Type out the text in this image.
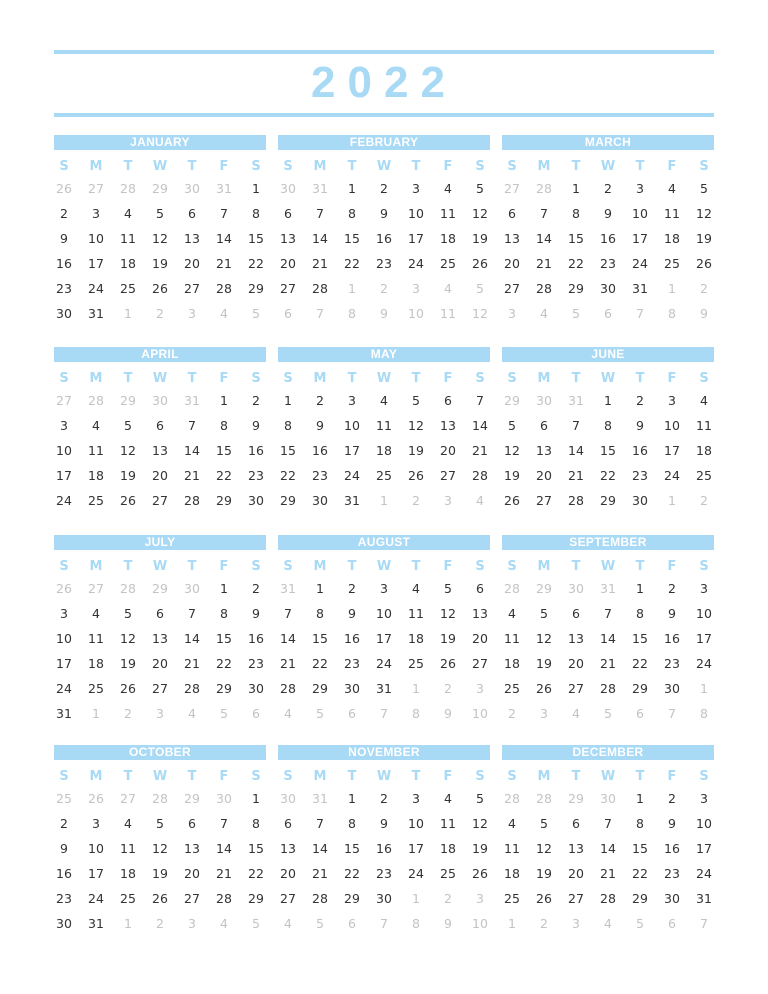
2022
JANUARY
S	M	T	W	T	F	S
26 27 28 29 30 31	1
2	3	4	5	6	7	8
9	10 11 12 13 14 15
16 17 18 19 20 21 22
23 24 25 26 27 28 29
30 31	1	2	3	4	5
FEBRUARY
S	M	T	W	T	F	S
30 31	1	2	3	4	5
6	7	8	9	10 11 12
13 14 15 16 17 18 19
20 21 22 23 24 25 26
27 28	1	2	3	4	5
6	7	8	9	10 11 12
MARCH
S	M	T	W	T	F	S
27 28	1	2	3	4	5
6	7	8	9	10 11 12
13 14 15 16 17 18 19
20 21 22 23 24 25 26
27 28 29 30 31	1	2
3	4	5	6	7	8	9
APRIL
S	M	T	W	T	F	S
27 28 29 30 31	1	2
3	4	5	6	7	8	9
10 11 12 13 14 15 16
17 18 19 20 21 22 23
24 25 26 27 28 29 30
MAY
S	M	T	W	T	F	S
1	2	3	4	5	6	7
8	9	10 11 12 13 14
15 16 17 18 19 20 21
22 23 24 25 26 27 28
29 30 31	1	2	3	4
JUNE
S	M	T	W	T	F	S
29 30 31	1	2	3	4
5	6	7	8	9	10 11
12 13 14 15 16 17 18
19 20 21 22 23 24 25
26 27 28 29 30	1	2
JULY
S	M	T	W	T	F	S
26 27 28 29 30	1	2
3	4	5	6	7	8	9
10 11 12 13 14 15 16
17 18 19 20 21 22 23
24 25 26 27 28 29 30
31	1	2	3	4	5	6
AUGUST
S	M	T	W	T	F	S
31	1	2	3	4	5	6
7	8	9	10 11 12 13
14 15 16 17 18 19 20
21 22 23 24 25 26 27
28 29 30 31	1	2	3
4	5	6	7	8	9	10
SEPTEMBER
S	M	T	W	T	F	S
28 29 30 31	1	2	3
4	5	6	7	8	9	10
11 12 13 14 15 16 17
18 19 20 21 22 23 24
25 26 27 28 29 30	1
2	3	4	5	6	7	8
OCTOBER
S	M	T	W	T	F	S
25 26 27 28 29 30	1
2	3	4	5	6	7	8
9	10 11 12 13 14 15
16 17 18 19 20 21 22
23 24 25 26 27 28 29
30 31	1	2	3	4	5
NOVEMBER
S	M	T	W	T	F	S
30 31	1	2	3	4	5
6	7	8	9	10 11 12
13 14 15 16 17 18 19
20 21 22 23 24 25 26
27 28 29 30	1	2	3
4	5	6	7	8	9	10
DECEMBER
S	M	T	W	T	F	S
28 28 29 30	1	2	3
4	5	6	7	8	9	10
11 12 13 14 15 16 17
18 19 20 21 22 23 24
25 26 27 28 29 30 31
1	2	3	4	5	6	7
